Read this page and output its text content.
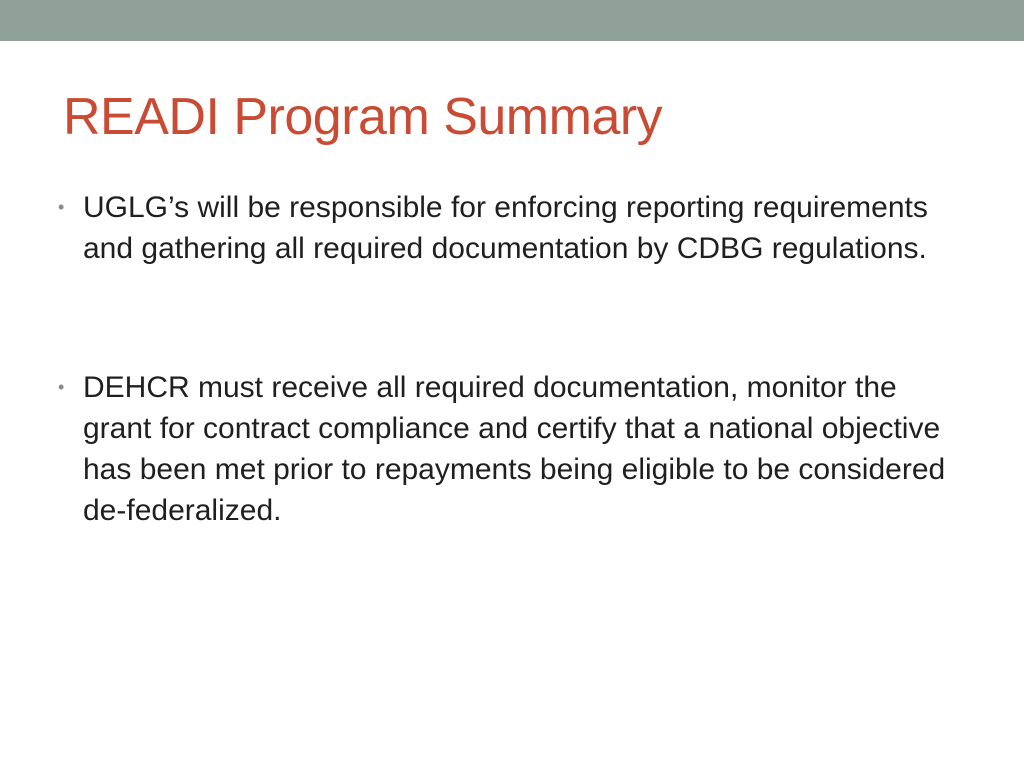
READI Program Summary
• UGLG’s will be responsible for enforcing reporting requirements and gathering all required documentation by CDBG regulations.
• DEHCR must receive all required documentation, monitor the grant for contract compliance and certify that a national objective has been met prior to repayments being eligible to be considered de-federalized.
